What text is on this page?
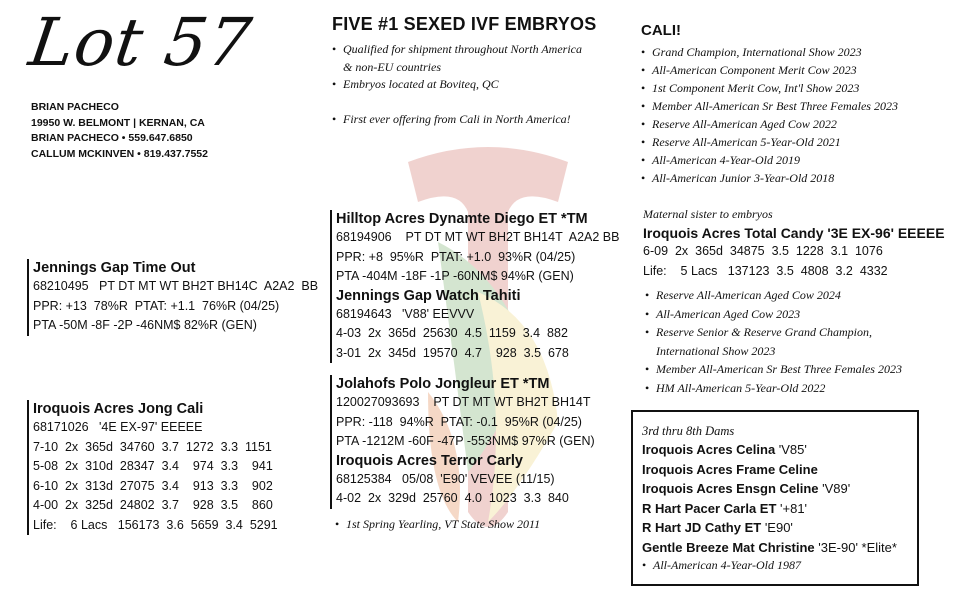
Lot 57
BRIAN PACHECO
19950 W. BELMONT | KERNAN, CA
BRIAN PACHECO • 559.647.6850
CALLUM MCKINVEN • 819.437.7552
FIVE #1 SEXED IVF EMBRYOS
• Qualified for shipment throughout North America
& non-EU countries
• Embryos located at Boviteq, QC
• First ever offering from Cali in North America!
CALI!
• Grand Champion, International Show 2023
• All-American Component Merit Cow 2023
• 1st Component Merit Cow, Int'l Show 2023
• Member All-American Sr Best Three Females 2023
• Reserve All-American Aged Cow 2022
• Reserve All-American 5-Year-Old 2021
• All-American 4-Year-Old 2019
• All-American Junior 3-Year-Old 2018
Hilltop Acres Dynamte Diego ET *TM
68194906    PT DT MT WT BH2T BH14T  A2A2 BB
PPR: +8  95%R  PTAT: +1.0  93%R (04/25)
PTA -404M -18F -1P -60NM$ 94%R (GEN)
Jennings Gap Watch Tahiti
68194643   'V88' EEVVV
4-03  2x  365d  25630  4.5  1159  3.4  882
3-01  2x  345d  19570  4.7    928  3.5  678
Jolahofs Polo Jongleur ET *TM
120027093693    PT DT MT WT BH2T BH14T
PPR: -118  94%R  PTAT: -0.1  95%R (04/25)
PTA -1212M -60F -47P -553NM$ 97%R (GEN)
Iroquois Acres Terror Carly
68125384   05/08  'E90' VEVEE (11/15)
4-02  2x  329d  25760  4.0  1023  3.3  840
• 1st Spring Yearling, VT State Show 2011
Jennings Gap Time Out
68210495   PT DT MT WT BH2T BH14C  A2A2  BB
PPR: +13  78%R  PTAT: +1.1  76%R (04/25)
PTA -50M -8F -2P -46NM$ 82%R (GEN)
Iroquois Acres Jong Cali
68171026   '4E EX-97' EEEEE
7-10  2x  365d  34760  3.7  1272  3.3  1151
5-08  2x  310d  28347  3.4    974  3.3    941
6-10  2x  313d  27075  3.4    913  3.3    902
4-00  2x  325d  24802  3.7    928  3.5    860
Life:    6 Lacs   156173  3.6  5659  3.4  5291
Maternal sister to embryos
Iroquois Acres Total Candy '3E EX-96' EEEEE
6-09  2x  365d  34875  3.5  1228  3.1  1076
Life:    5 Lacs   137123  3.5  4808  3.2  4332
• Reserve All-American Aged Cow 2024
• All-American Aged Cow 2023
• Reserve Senior & Reserve Grand Champion,
International Show 2023
• Member All-American Sr Best Three Females 2023
• HM All-American 5-Year-Old 2022
3rd thru 8th Dams
Iroquois Acres Celina 'V85'
Iroquois Acres Frame Celine
Iroquois Acres Ensgn Celine 'V89'
R Hart Pacer Carla ET '+81'
R Hart JD Cathy ET 'E90'
Gentle Breeze Mat Christine '3E-90' *Elite*
• All-American 4-Year-Old 1987
